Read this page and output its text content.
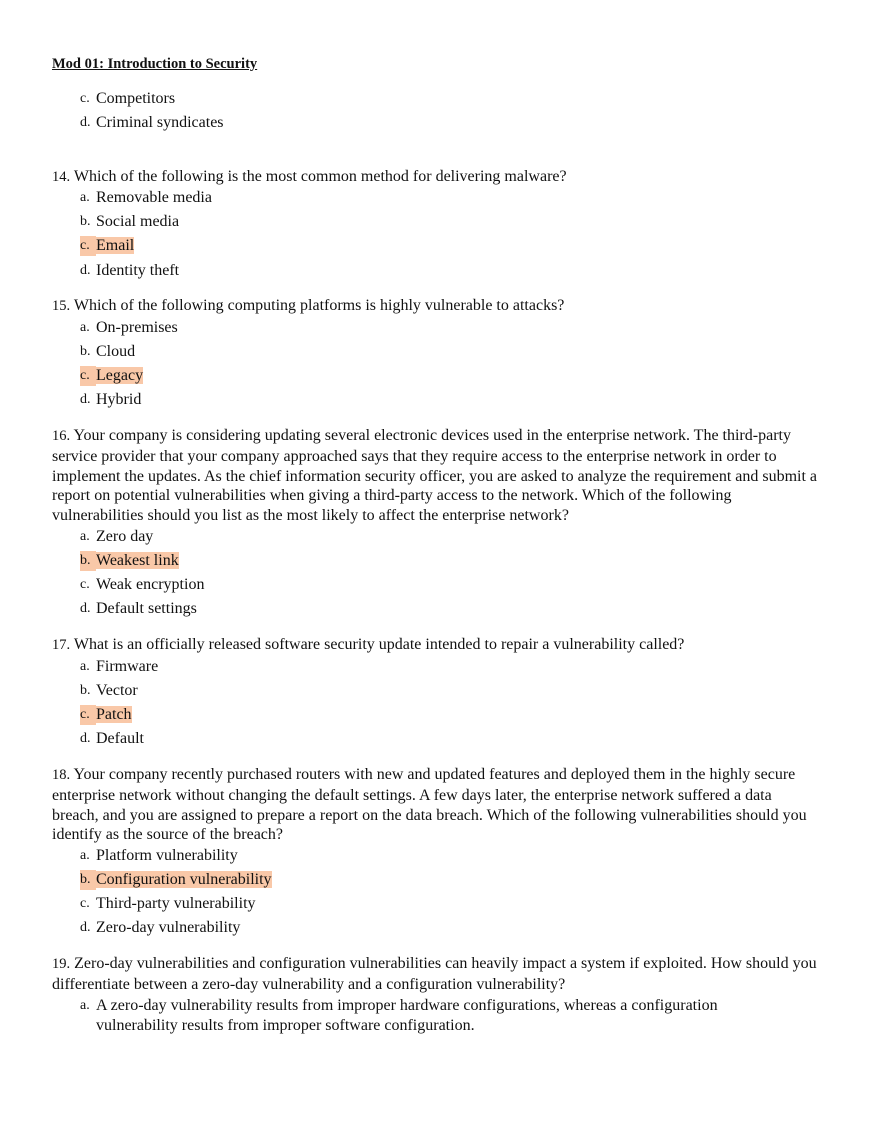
Mod 01: Introduction to Security
c. Competitors
d. Criminal syndicates
14. Which of the following is the most common method for delivering malware?
a. Removable media
b. Social media
c. Email
d. Identity theft
15. Which of the following computing platforms is highly vulnerable to attacks?
a. On-premises
b. Cloud
c. Legacy
d. Hybrid
16. Your company is considering updating several electronic devices used in the enterprise network. The third-party service provider that your company approached says that they require access to the enterprise network in order to implement the updates. As the chief information security officer, you are asked to analyze the requirement and submit a report on potential vulnerabilities when giving a third-party access to the network. Which of the following vulnerabilities should you list as the most likely to affect the enterprise network?
a. Zero day
b. Weakest link
c. Weak encryption
d. Default settings
17. What is an officially released software security update intended to repair a vulnerability called?
a. Firmware
b. Vector
c. Patch
d. Default
18. Your company recently purchased routers with new and updated features and deployed them in the highly secure enterprise network without changing the default settings. A few days later, the enterprise network suffered a data breach, and you are assigned to prepare a report on the data breach. Which of the following vulnerabilities should you identify as the source of the breach?
a. Platform vulnerability
b. Configuration vulnerability
c. Third-party vulnerability
d. Zero-day vulnerability
19. Zero-day vulnerabilities and configuration vulnerabilities can heavily impact a system if exploited. How should you differentiate between a zero-day vulnerability and a configuration vulnerability?
a. A zero-day vulnerability results from improper hardware configurations, whereas a configuration vulnerability results from improper software configuration.
